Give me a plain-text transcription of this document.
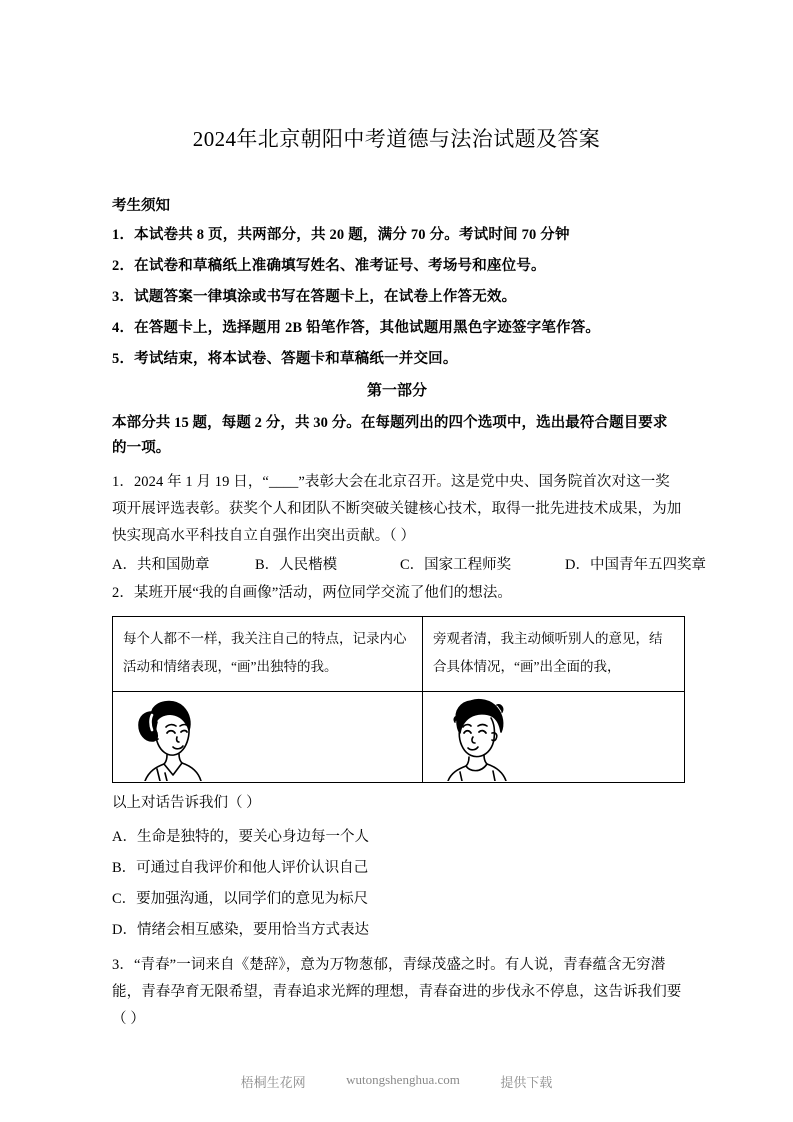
2024年北京朝阳中考道德与法治试题及答案
考生须知
1．本试卷共 8 页，共两部分，共 20 题，满分 70 分。考试时间 70 分钟
2．在试卷和草稿纸上准确填写姓名、准考证号、考场号和座位号。
3．试题答案一律填涂或书写在答题卡上，在试卷上作答无效。
4．在答题卡上，选择题用 2B 铅笔作答，其他试题用黑色字迹签字笔作答。
5．考试结束，将本试卷、答题卡和草稿纸一并交回。
第一部分
本部分共 15 题，每题 2 分，共 30 分。在每题列出的四个选项中，选出最符合题目要求的一项。
1．2024 年 1 月 19 日，“____”表彰大会在北京召开。这是党中央、国务院首次对这一奖项开展评选表彰。获奖个人和团队不断突破关键核心技术，取得一批先进技术成果，为加快实现高水平科技自立自强作出突出贡献。（ ）
A．共和国勋章	B．人民楷模	C．国家工程师奖	D．中国青年五四奖章
2．某班开展“我的自画像”活动，两位同学交流了他们的想法。
每个人都不一样，我关注自己的特点，记录内心活动和情绪表现，“画”出独特的我。	旁观者清，我主动倾听别人的意见，结合具体情况，“画”出全面的我，

以上对话告诉我们（ ）
A．生命是独特的，要关心身边每一个人
B．可通过自我评价和他人评价认识自己
C．要加强沟通，以同学们的意见为标尺
D．情绪会相互感染，要用恰当方式表达
3．“青春”一词来自《楚辞》，意为万物葱郁，青绿茂盛之时。有人说，青春蕴含无穷潜能，青春孕育无限希望，青春追求光辉的理想，青春奋进的步伐永不停息，这告诉我们要（ ）
梧桐生花网	wutongshenghua.com	提供下载
